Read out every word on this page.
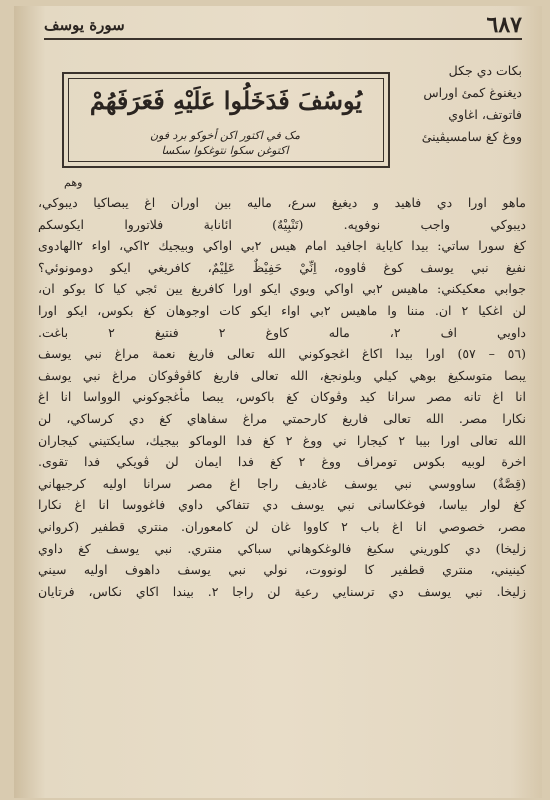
٦٨٧
سورة يوسف
بكات دي جكل
ديغنوغ كمئ اوراس
فاتوتف، اغاوي
ووغ كغ سامسيڤينئ
يُوسُفَ فَدَخَلُوا عَلَيْهِ فَعَرَفَهُمْ
مک في اکتور اکن أخوکو برد فون
اکتوغن سکوا نتوغکوا سكسا
وهم
ماهو اورا دي فاهيد و ديغيغ سرع، ماليه بين اوران اغ يبصاكيا ديبوكي،
ديبوكي واجب نوفوپه. (تَنْبِيْهٌ) ائانابة فلاتوروا ايكوسكم
كغ سورا ساتي: بيدا كاياية اجافيد امام هيس ٢بي اواكي وبيجيك ٢اكي، اواء ٢الهادوی
نفيغ نبي يوسف كوغ ڤاووه، اِنِّيْ حَفِيْظٌ عَلِيْمٌ، كافريغي ايكو دومونوئي؟
جوابي معكيكني: ماهيس ٢بي اواكي ويوي ايكو اورا كافريغ يين ئجي كيا كا بوكو ان،
لن اغكيا ٢ ان. مننا وا ماهيس ٢بي اواء ايكو كات اوجوهان كغ بكوس، ايكو اورا
داويي اف ٢، ماله كاوغ ٢ فنتيغ ٢ باغت.
(٥٦ – ٥٧) اورا بيدا اكاغ اغجوكوني الله تعالى فاريغ نعمة مراغ نبي يوسف
يبصا متوسكيغ بوهي كيلي وبلونجغ، الله تعالى فاريغ كاڤوڤوكان مراغ نبي يوسف
انا اغ تانه مصر سرانا كيد وڤوكان كغ باكوس، يبصا مأغجوكوني الوواسا انا اغ
نكارا مصر. الله تعالى فاريغ كارحمتي مراغ سفاهاي كغ دي كرساكي، لن
الله تعالى اورا بيبا ٢ كيجارا ني ووغ ٢ كغ فدا الوماكو بيجيك، سايكتيني كيجاران
اخرة لوبيه بكوس تومراف ووغ ٢ كغ فدا ايمان لن ڤويكي فدا تقوى.
(قِصَّةٌ) ساووسي نبي يوسف غاديف راجا اغ مصر سرانا اوليه كرجيهاني
كغ لوار بياسا، فوغكاسانى نبي يوسف دي تتفاكي داوي فاغووسا انا اغ نكارا
مصر، خصوصي انا اغ باب ٢ كاووا غان لن كامعوران. منتري قطفير (كرواني
زليخا) دي كلوريني سكيغ فالوغكوهاني سباكي منتري. نبي يوسف كغ داوي
كينيني، منتري قطفير كا لونووت، نولي نبي يوسف داهوف اوليه سيني
زليخا. نبي يوسف دي ترسنايي رعية لن راجا ٢. بيندا اكاي نكاس، فرتايان
